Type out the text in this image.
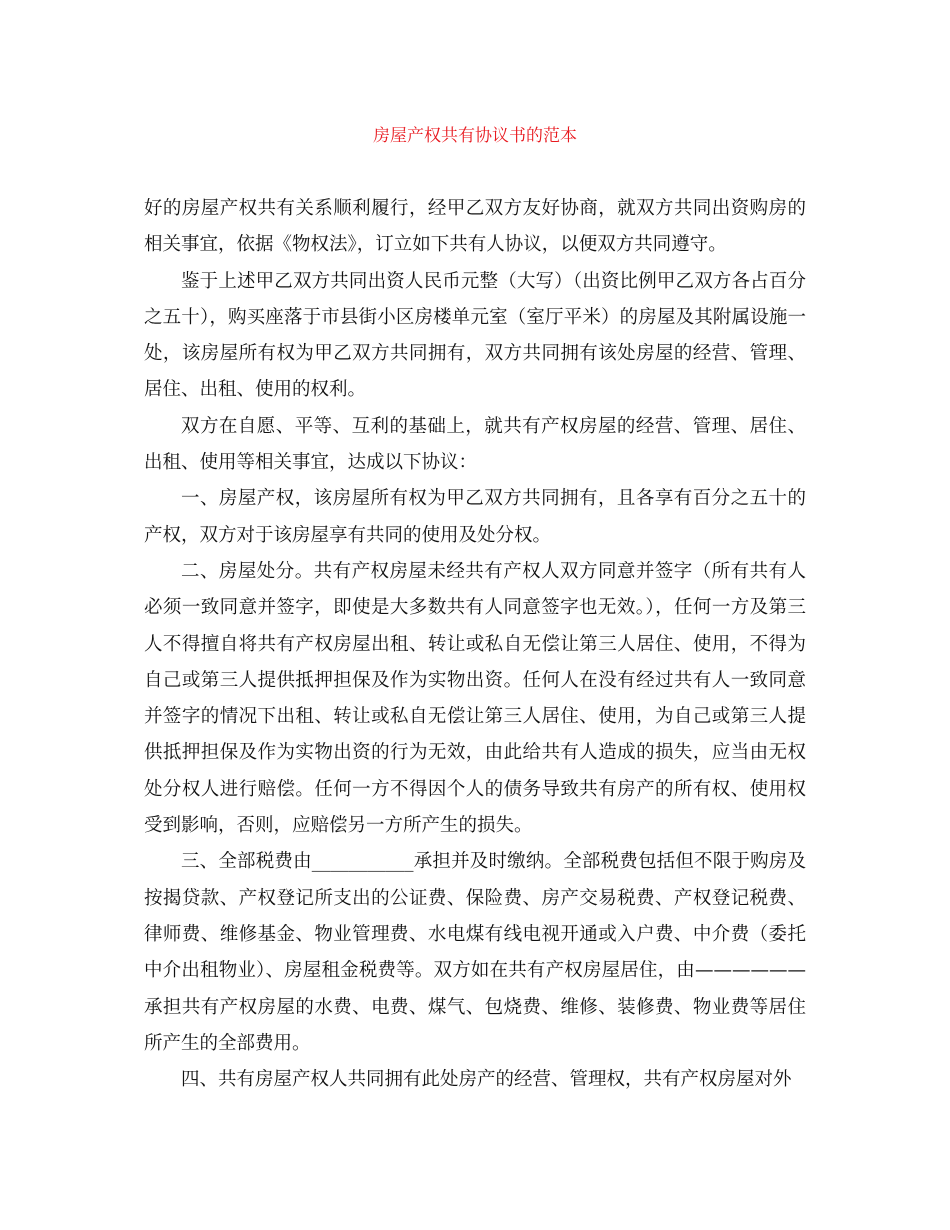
房屋产权共有协议书的范本

好的房屋产权共有关系顺利履行，经甲乙双方友好协商，就双方共同出资购房的相关事宜，依据《物权法》，订立如下共有人协议，以便双方共同遵守。

鉴于上述甲乙双方共同出资人民币元整（大写）（出资比例甲乙双方各占百分之五十），购买座落于市县街小区房楼单元室（室厅平米）的房屋及其附属设施一处，该房屋所有权为甲乙双方共同拥有，双方共同拥有该处房屋的经营、管理、居住、出租、使用的权利。

双方在自愿、平等、互利的基础上，就共有产权房屋的经营、管理、居住、出租、使用等相关事宜，达成以下协议：

一、房屋产权，该房屋所有权为甲乙双方共同拥有，且各享有百分之五十的产权，双方对于该房屋享有共同的使用及处分权。

二、房屋处分。共有产权房屋未经共有产权人双方同意并签字（所有共有人必须一致同意并签字，即使是大多数共有人同意签字也无效。），任何一方及第三人不得擅自将共有产权房屋出租、转让或私自无偿让第三人居住、使用，不得为自己或第三人提供抵押担保及作为实物出资。任何人在没有经过共有人一致同意并签字的情况下出租、转让或私自无偿让第三人居住、使用，为自己或第三人提供抵押担保及作为实物出资的行为无效，由此给共有人造成的损失，应当由无权处分权人进行赔偿。任何一方不得因个人的债务导致共有房产的所有权、使用权受到影响，否则，应赔偿另一方所产生的损失。

三、全部税费由___________承担并及时缴纳。全部税费包括但不限于购房及按揭贷款、产权登记所支出的公证费、保险费、房产交易税费、产权登记税费、律师费、维修基金、物业管理费、水电煤有线电视开通或入户费、中介费（委托中介出租物业）、房屋租金税费等。双方如在共有产权房屋居住，由——————承担共有产权房屋的水费、电费、煤气、包烧费、维修、装修费、物业费等居住所产生的全部费用。

四、共有房屋产权人共同拥有此处房产的经营、管理权，共有产权房屋对外
